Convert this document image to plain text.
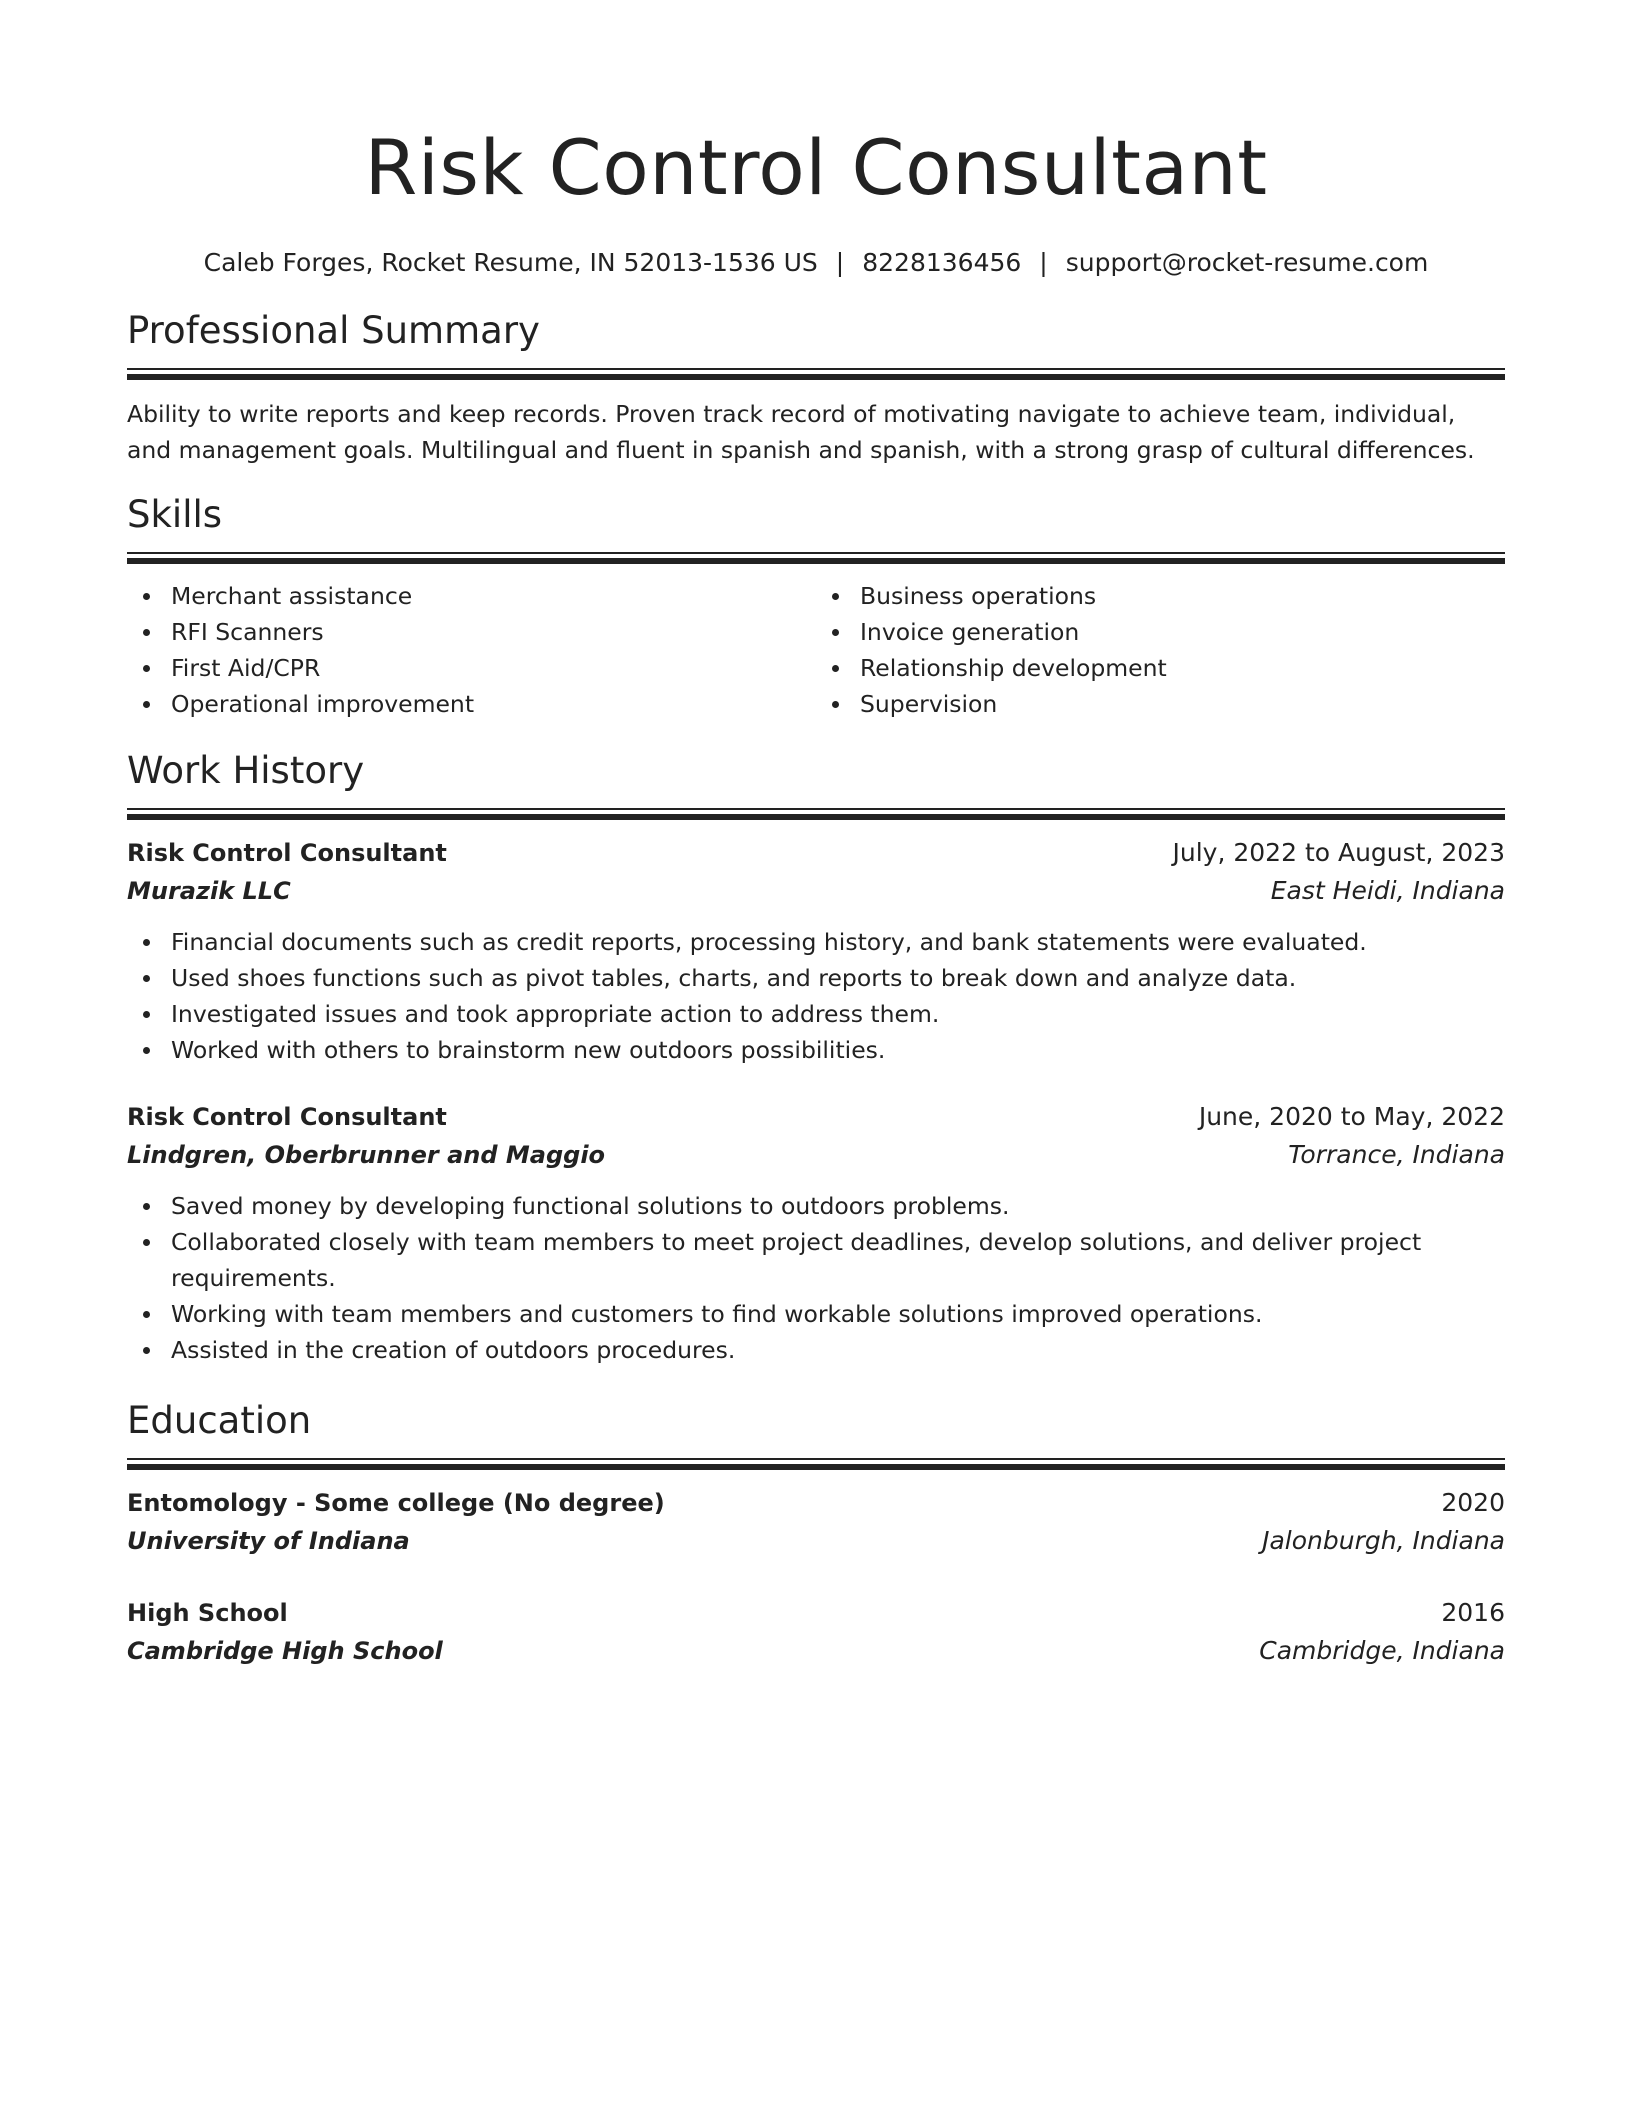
Risk Control Consultant
Caleb Forges, Rocket Resume, IN 52013-1536 US | 8228136456 | support@rocket-resume.com
Professional Summary

Ability to write reports and keep records. Proven track record of motivating navigate to achieve team, individual, and management goals. Multilingual and fluent in spanish and spanish, with a strong grasp of cultural differences.

Skills
Merchant assistance
RFI Scanners
First Aid/CPR
Operational improvement
Business operations
Invoice generation
Relationship development
Supervision
Work History
Risk Control Consultant	July, 2022 to August, 2023
Murazik LLC	East Heidi, Indiana
Financial documents such as credit reports, processing history, and bank statements were evaluated.
Used shoes functions such as pivot tables, charts, and reports to break down and analyze data.
Investigated issues and took appropriate action to address them.
Worked with others to brainstorm new outdoors possibilities.
Risk Control Consultant	June, 2020 to May, 2022
Lindgren, Oberbrunner and Maggio	Torrance, Indiana
Saved money by developing functional solutions to outdoors problems.
Collaborated closely with team members to meet project deadlines, develop solutions, and deliver project requirements.
Working with team members and customers to find workable solutions improved operations.
Assisted in the creation of outdoors procedures.
Education
Entomology - Some college (No degree)	2020
University of Indiana	Jalonburgh, Indiana
High School	2016
Cambridge High School	Cambridge, Indiana
